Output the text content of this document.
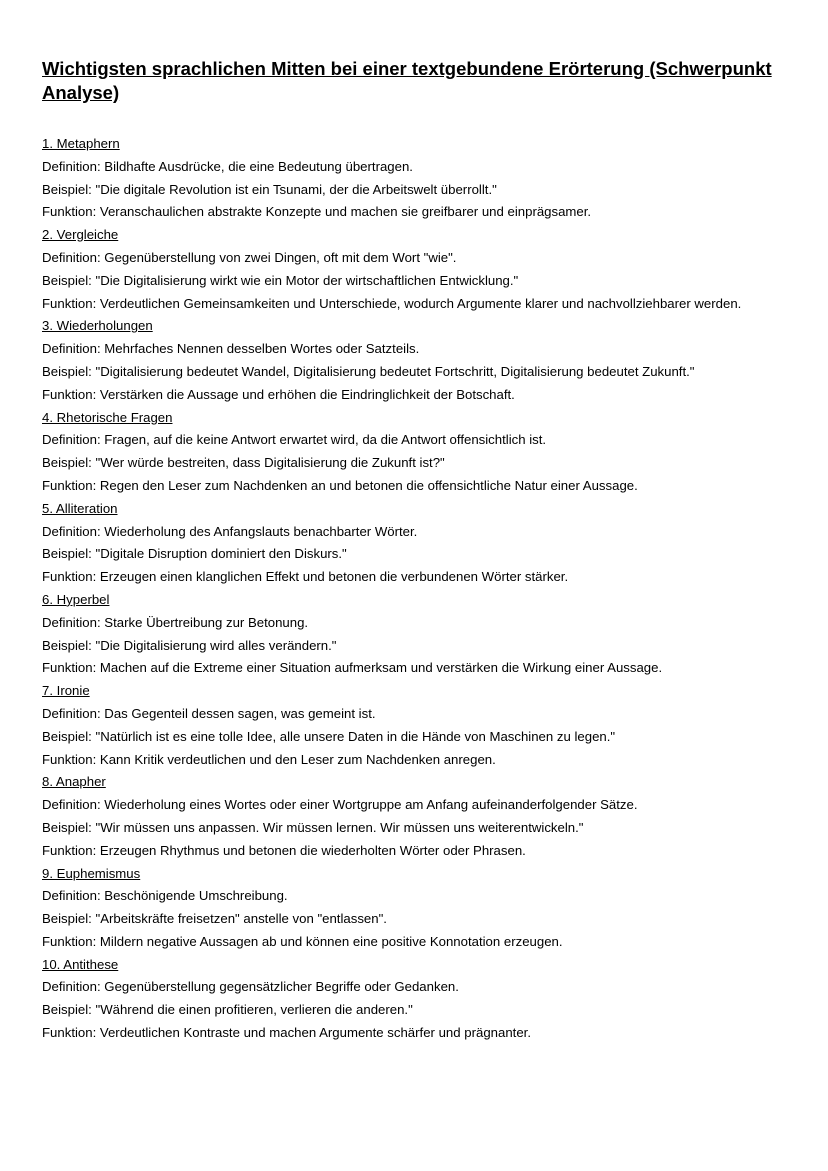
Wichtigsten sprachlichen Mitten bei einer textgebundene Erörterung (Schwerpunkt Analyse)
1. Metaphern
Definition: Bildhafte Ausdrücke, die eine Bedeutung übertragen.
Beispiel: "Die digitale Revolution ist ein Tsunami, der die Arbeitswelt überrollt."
Funktion: Veranschaulichen abstrakte Konzepte und machen sie greifbarer und einprägsamer.
2. Vergleiche
Definition: Gegenüberstellung von zwei Dingen, oft mit dem Wort "wie".
Beispiel: "Die Digitalisierung wirkt wie ein Motor der wirtschaftlichen Entwicklung."
Funktion: Verdeutlichen Gemeinsamkeiten und Unterschiede, wodurch Argumente klarer und nachvollziehbarer werden.
3. Wiederholungen
Definition: Mehrfaches Nennen desselben Wortes oder Satzteils.
Beispiel: "Digitalisierung bedeutet Wandel, Digitalisierung bedeutet Fortschritt, Digitalisierung bedeutet Zukunft."
Funktion: Verstärken die Aussage und erhöhen die Eindringlichkeit der Botschaft.
4. Rhetorische Fragen
Definition: Fragen, auf die keine Antwort erwartet wird, da die Antwort offensichtlich ist.
Beispiel: "Wer würde bestreiten, dass Digitalisierung die Zukunft ist?"
Funktion: Regen den Leser zum Nachdenken an und betonen die offensichtliche Natur einer Aussage.
5. Alliteration
Definition: Wiederholung des Anfangslauts benachbarter Wörter.
Beispiel: "Digitale Disruption dominiert den Diskurs."
Funktion: Erzeugen einen klanglichen Effekt und betonen die verbundenen Wörter stärker.
6. Hyperbel
Definition: Starke Übertreibung zur Betonung.
Beispiel: "Die Digitalisierung wird alles verändern."
Funktion: Machen auf die Extreme einer Situation aufmerksam und verstärken die Wirkung einer Aussage.
7. Ironie
Definition: Das Gegenteil dessen sagen, was gemeint ist.
Beispiel: "Natürlich ist es eine tolle Idee, alle unsere Daten in die Hände von Maschinen zu legen."
Funktion: Kann Kritik verdeutlichen und den Leser zum Nachdenken anregen.
8. Anapher
Definition: Wiederholung eines Wortes oder einer Wortgruppe am Anfang aufeinanderfolgender Sätze.
Beispiel: "Wir müssen uns anpassen. Wir müssen lernen. Wir müssen uns weiterentwickeln."
Funktion: Erzeugen Rhythmus und betonen die wiederholten Wörter oder Phrasen.
9. Euphemismus
Definition: Beschönigende Umschreibung.
Beispiel: "Arbeitskräfte freisetzen" anstelle von "entlassen".
Funktion: Mildern negative Aussagen ab und können eine positive Konnotation erzeugen.
10. Antithese
Definition: Gegenüberstellung gegensätzlicher Begriffe oder Gedanken.
Beispiel: "Während die einen profitieren, verlieren die anderen."
Funktion: Verdeutlichen Kontraste und machen Argumente schärfer und prägnanter.
